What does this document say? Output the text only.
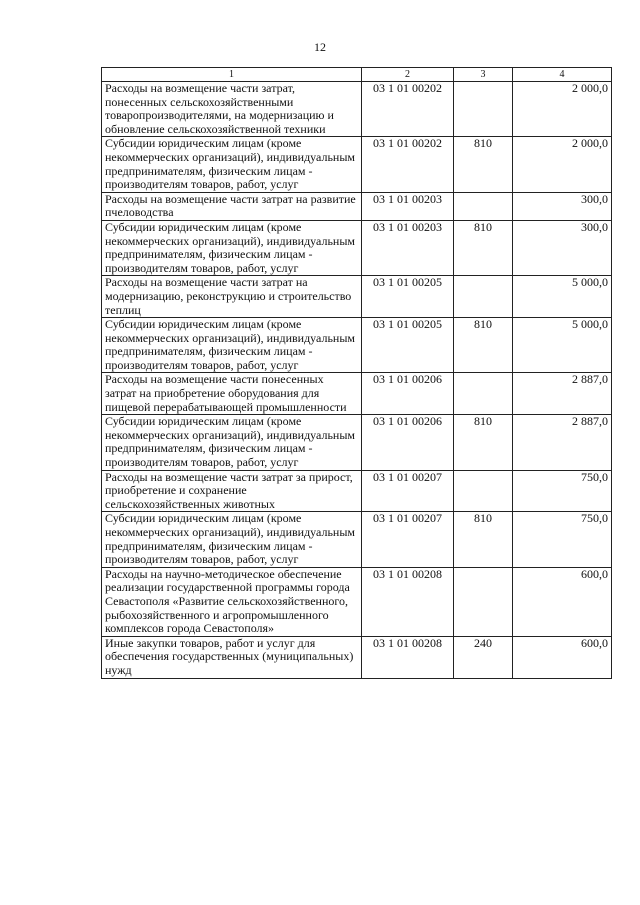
12
1	2	3	4
Расходы на возмещение части затрат, понесенных сельскохозяйственными товаропроизводителями, на модернизацию и обновление сельскохозяйственной техники	03 1 01 00202		2 000,0
Субсидии юридическим лицам (кроме некоммерческих организаций), индивидуальным предпринимателям, физическим лицам - производителям товаров, работ, услуг	03 1 01 00202	810	2 000,0
Расходы на возмещение части затрат на развитие пчеловодства	03 1 01 00203		300,0
Субсидии юридическим лицам (кроме некоммерческих организаций), индивидуальным предпринимателям, физическим лицам - производителям товаров, работ, услуг	03 1 01 00203	810	300,0
Расходы на возмещение части затрат на модернизацию, реконструкцию и строительство теплиц	03 1 01 00205		5 000,0
Субсидии юридическим лицам (кроме некоммерческих организаций), индивидуальным предпринимателям, физическим лицам - производителям товаров, работ, услуг	03 1 01 00205	810	5 000,0
Расходы на возмещение части понесенных затрат на приобретение оборудования для пищевой перерабатывающей промышленности	03 1 01 00206		2 887,0
Субсидии юридическим лицам (кроме некоммерческих организаций), индивидуальным предпринимателям, физическим лицам - производителям товаров, работ, услуг	03 1 01 00206	810	2 887,0
Расходы на возмещение части затрат за прирост, приобретение и сохранение сельскохозяйственных животных	03 1 01 00207		750,0
Субсидии юридическим лицам (кроме некоммерческих организаций), индивидуальным предпринимателям, физическим лицам - производителям товаров, работ, услуг	03 1 01 00207	810	750,0
Расходы на научно-методическое обеспечение реализации государственной программы города Севастополя «Развитие сельскохозяйственного, рыбохозяйственного и агропромышленного комплексов города Севастополя»	03 1 01 00208		600,0
Иные закупки товаров, работ и услуг для обеспечения государственных (муниципальных) нужд	03 1 01 00208	240	600,0
